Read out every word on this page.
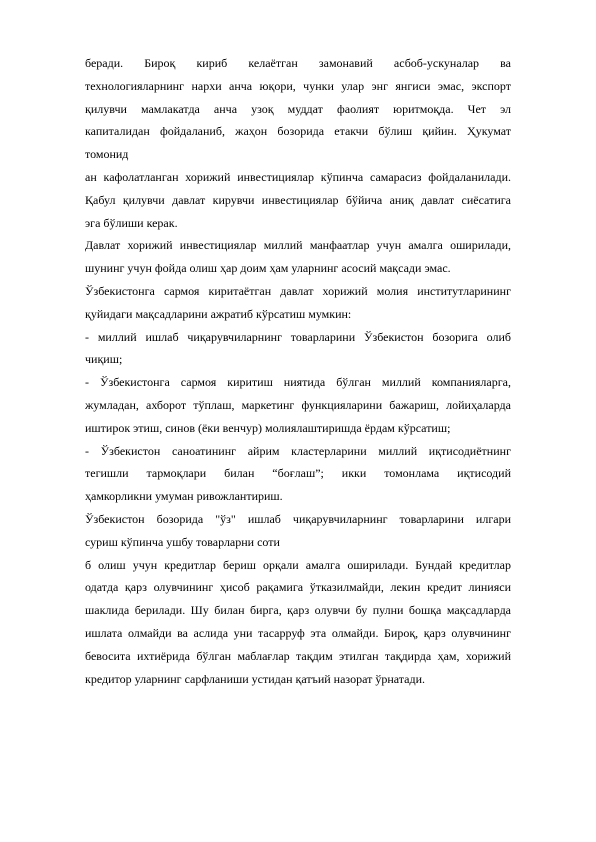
беради. Бироқ кириб келаётган замонавий асбоб-ускуналар ва
технологияларнинг нархи анча юқори, чунки улар энг янгиси эмас, экспорт
қилувчи мамлакатда анча узоқ муддат фаолият юритмоқда. Чет эл
капиталидан фойдаланиб, жаҳон бозорида етакчи бўлиш қийин. Ҳукумат
томонид
ан кафолатланган хорижий инвестициялар кўпинча самарасиз фойдаланилади.
Қабул қилувчи давлат кирувчи инвестициялар бўйича аниқ давлат сиёсатига
эга бўлиши керак.
Давлат хорижий инвестициялар миллий манфаатлар учун амалга оширилади,
шунинг учун фойда олиш ҳар доим ҳам уларнинг асосий мақсади эмас.
Ўзбекистонга сармоя киритаётган давлат хорижий молия институтларининг
қуйидаги мақсадларини ажратиб кўрсатиш мумкин:
- миллий ишлаб чиқарувчиларнинг товарларини Ўзбекистон бозорига олиб
чиқиш;
- Ўзбекистонга сармоя киритиш ниятида бўлган миллий компанияларга,
жумладан, ахборот тўплаш, маркетинг функцияларини бажариш, лойиҳаларда
иштирок этиш, синов (ёки венчур) молиялаштиришда ёрдам кўрсатиш;
- Ўзбекистон саноатининг айрим кластерларини миллий иқтисодиётнинг
тегишли тармоқлари билан “боғлаш”; икки томонлама иқтисодий
ҳамкорликни умуман ривожлантириш.
Ўзбекистон бозорида "ўз" ишлаб чиқарувчиларнинг товарларини илгари
суриш кўпинча ушбу товарларни соти
б олиш учун кредитлар бериш орқали амалга оширилади. Бундай кредитлар
одатда қарз олувчининг ҳисоб рақамига ўтказилмайди, лекин кредит линияси
шаклида берилади. Шу билан бирга, қарз олувчи бу пулни бошқа мақсадларда
ишлата олмайди ва аслида уни тасарруф эта олмайди. Бироқ, қарз олувчининг
бевосита ихтиёрида бўлган маблағлар тақдим этилган тақдирда ҳам, хорижий
кредитор уларнинг сарфланиши устидан қатъий назорат ўрнатади.
